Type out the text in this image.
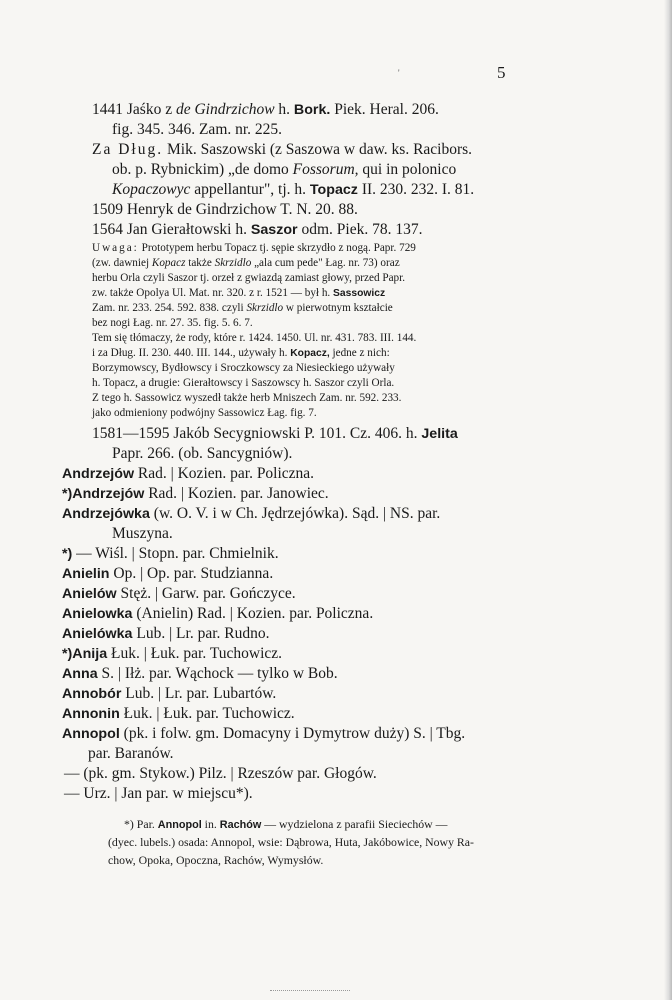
'	5
1441 Jaśko z de Gindrzichow h. Bork. Piek. Heral. 206.
fig. 345. 346. Zam. nr. 225.
Za Dług. Mik. Saszowski (z Saszowa w daw. ks. Racibors.
ob. p. Rybnickim) „de domo Fossorum, qui in polonico
Kopaczowyc appellantur", tj. h. Topacz II. 230. 232. I. 81.
1509 Henryk de Gindrzichow T. N. 20. 88.
1564 Jan Gierałtowski h. Saszor odm. Piek. 78. 137.
Uwaga: Prototypem herbu Topacz tj. sępie skrzydło z nogą. Papr. 729
(zw. dawniej Kopacz także Skrzidlo „ala cum pede" Łag. nr. 73) oraz
herbu Orla czyli Saszor tj. orzeł z gwiazdą zamiast głowy, przed Papr.
zw. także Opolya Ul. Mat. nr. 320. z r. 1521 — był h. Sassowicz
Zam. nr. 233. 254. 592. 838. czyli Skrzidlo w pierwotnym kształcie
bez nogi Łag. nr. 27. 35. fig. 5. 6. 7.
Tem się tłómaczy, że rody, które r. 1424. 1450. Ul. nr. 431. 783. III. 144.
i za Dług. II. 230. 440. III. 144., używały h. Kopacz, jedne z nich:
Borzymowscy, Bydłowscy i Sroczkowscy za Niesieckiego używały
h. Topacz, a drugie: Gierałtowscy i Saszowscy h. Saszor czyli Orla.
Z tego h. Sassowicz wyszedł także herb Mniszech Zam. nr. 592. 233.
jako odmieniony podwójny Sassowicz Łag. fig. 7.
1581—1595 Jakób Secygniowski P. 101. Cz. 406. h. Jelita
Papr. 266. (ob. Sancygniów).
Andrzejów Rad. | Kozien. par. Policzna.
*)Andrzejów Rad. | Kozien. par. Janowiec.
Andrzejówka (w. O. V. i w Ch. Jędrzejówka). Sąd. | NS. par.
Muszyna.
*) — Wiśl. | Stopn. par. Chmielnik.
Anielin Op. | Op. par. Studzianna.
Anielów Stęż. | Garw. par. Gończyce.
Anielowka (Anielin) Rad. | Kozien. par. Policzna.
Anielówka Lub. | Lr. par. Rudno.
*)Anija Łuk. | Łuk. par. Tuchowicz.
Anna S. | Iłż. par. Wąchock — tylko w Bob.
Annobór Lub. | Lr. par. Lubartów.
Annonin Łuk. | Łuk. par. Tuchowicz.
Annopol (pk. i folw. gm. Domacyny i Dymytrow duży) S. | Tbg.
par. Baranów.
— (pk. gm. Stykow.) Pilz. | Rzeszów par. Głogów.
— Urz. | Jan par. w miejscu*).
*) Par. Annopol in. Rachów — wydzielona z parafii Sieciechów —
(dyec. lubels.) osada: Annopol, wsie: Dąbrowa, Huta, Jakóbowice, Nowy Ra-
chow, Opoka, Opoczna, Rachów, Wymysłów.
